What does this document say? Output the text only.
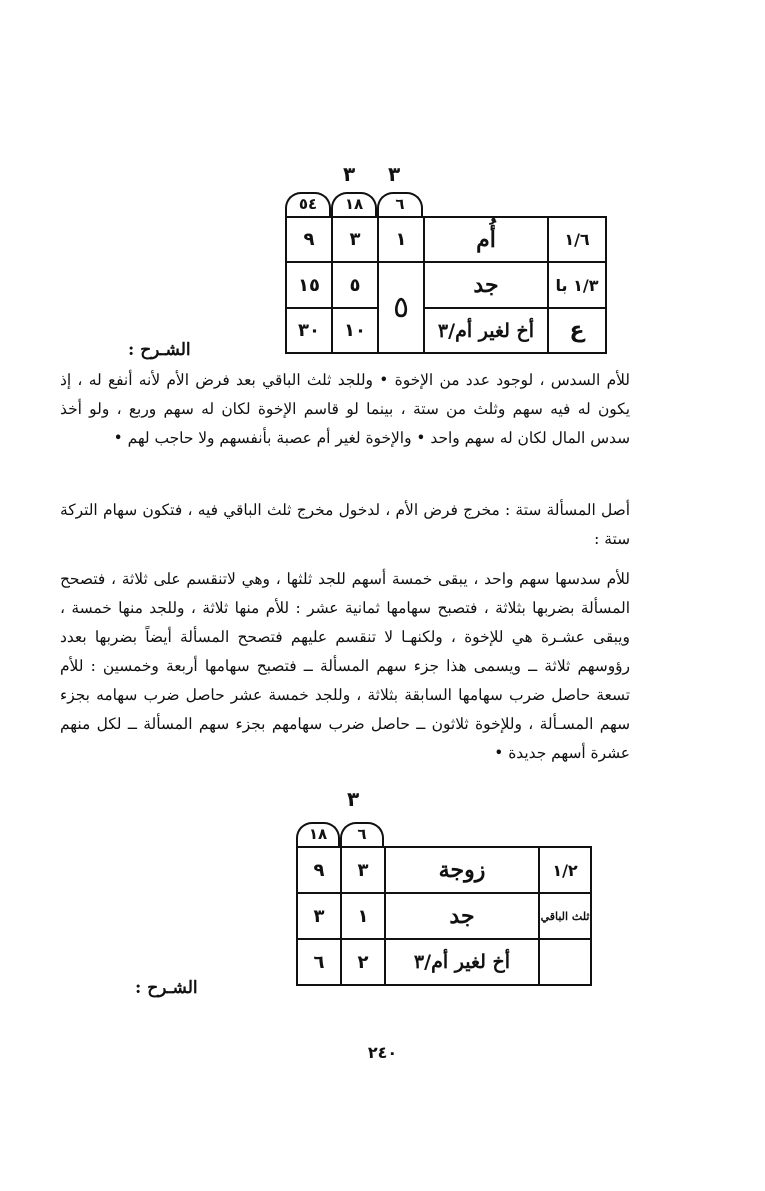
٣ ٣
٥٤	١٨	٦
٩	٣	١	أُم	١/٦
١٥	٥	٥	جد	١/٣ با
٣٠	١٠		أخ لغير أم/٣	ع
الشـرح :

للأم السدس ، لوجود عدد من الإخوة • وللجد ثلث الباقي بعد فرض الأم لأنه أنفع له ، إذ يكون له فيه سهم وثلث من ستة ، بينما لو قاسم الإخوة لكان له سهم وربع ، ولو أخذ سدس المال لكان له سهم واحد • والإخوة لغير أم عصبة بأنفسهم ولا حاجب لهم •

أصل المسألة ستة : مخرج فرض الأم ، لدخول مخرج ثلث الباقي فيه ، فتكون سهام التركة ستة :

للأم سدسها سهم واحد ، يبقى خمسة أسهم للجد ثلثها ، وهي لاتنقسم على ثلاثة ، فتصحح المسألة بضربها بثلاثة ، فتصبح سهامها ثمانية عشر : للأم منها ثلاثة ، وللجد منها خمسة ، ويبقى عشـرة هي للإخوة ، ولكنهـا لا تنقسم عليهم فتصحح المسألة أيضاً بضربها بعدد رؤوسهم ثلاثة ــ ويسمى هذا جزء سهم المسألة ــ فتصبح سهامها أربعة وخمسين : للأم تسعة حاصل ضرب سهامها السابقة بثلاثة ، وللجد خمسة عشر حاصل ضرب سهامه بجزء سهم المسـألة ، وللإخوة ثلاثون ــ حاصل ضرب سهامهم بجزء سهم المسألة ــ لكل منهم عشرة أسهم جديدة •

٣
١٨	٦
٩	٣	زوجة	١/٢
٣	١	جد	ثلث الباقي
٦	٢	أخ لغير أم/٣	
الشـرح :
٢٤٠
